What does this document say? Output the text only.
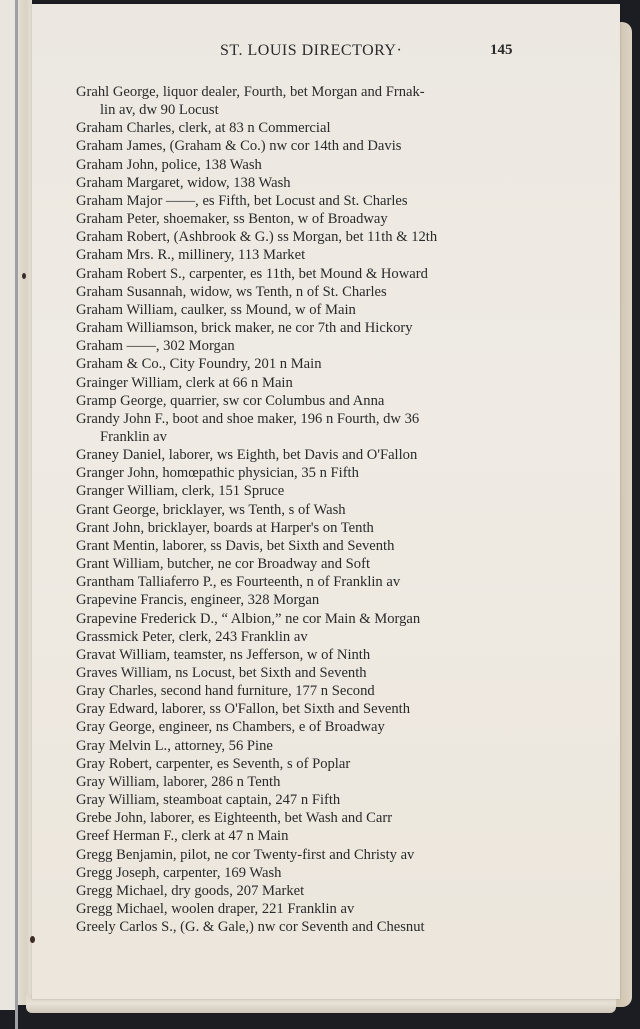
ST. LOUIS DIRECTORY·	145
Grahl George, liquor dealer, Fourth, bet Morgan and Frnak-
lin av, dw 90 Locust
Graham Charles, clerk, at 83 n Commercial
Graham James, (Graham & Co.) nw cor 14th and Davis
Graham John, police, 138 Wash
Graham Margaret, widow, 138 Wash
Graham Major ——, es Fifth, bet Locust and St. Charles
Graham Peter, shoemaker, ss Benton, w of Broadway
Graham Robert, (Ashbrook & G.) ss Morgan, bet 11th & 12th
Graham Mrs. R., millinery, 113 Market
Graham Robert S., carpenter, es 11th, bet Mound & Howard
Graham Susannah, widow, ws Tenth, n of St. Charles
Graham William, caulker, ss Mound, w of Main
Graham Williamson, brick maker, ne cor 7th and Hickory
Graham ——, 302 Morgan
Graham & Co., City Foundry, 201 n Main
Grainger William, clerk at 66 n Main
Gramp George, quarrier, sw cor Columbus and Anna
Grandy John F., boot and shoe maker, 196 n Fourth, dw 36
Franklin av
Graney Daniel, laborer, ws Eighth, bet Davis and O'Fallon
Granger John, homœpathic physician, 35 n Fifth
Granger William, clerk, 151 Spruce
Grant George, bricklayer, ws Tenth, s of Wash
Grant John, bricklayer, boards at Harper's on Tenth
Grant Mentin, laborer, ss Davis, bet Sixth and Seventh
Grant William, butcher, ne cor Broadway and Soft
Grantham Talliaferro P., es Fourteenth, n of Franklin av
Grapevine Francis, engineer, 328 Morgan
Grapevine Frederick D., “ Albion,” ne cor Main & Morgan
Grassmick Peter, clerk, 243 Franklin av
Gravat William, teamster, ns Jefferson, w of Ninth
Graves William, ns Locust, bet Sixth and Seventh
Gray Charles, second hand furniture, 177 n Second
Gray Edward, laborer, ss O'Fallon, bet Sixth and Seventh
Gray George, engineer, ns Chambers, e of Broadway
Gray Melvin L., attorney, 56 Pine
Gray Robert, carpenter, es Seventh, s of Poplar
Gray William, laborer, 286 n Tenth
Gray William, steamboat captain, 247 n Fifth
Grebe John, laborer, es Eighteenth, bet Wash and Carr
Greef Herman F., clerk at 47 n Main
Gregg Benjamin, pilot, ne cor Twenty-first and Christy av
Gregg Joseph, carpenter, 169 Wash
Gregg Michael, dry goods, 207 Market
Gregg Michael, woolen draper, 221 Franklin av
Greely Carlos S., (G. & Gale,) nw cor Seventh and Chesnut
